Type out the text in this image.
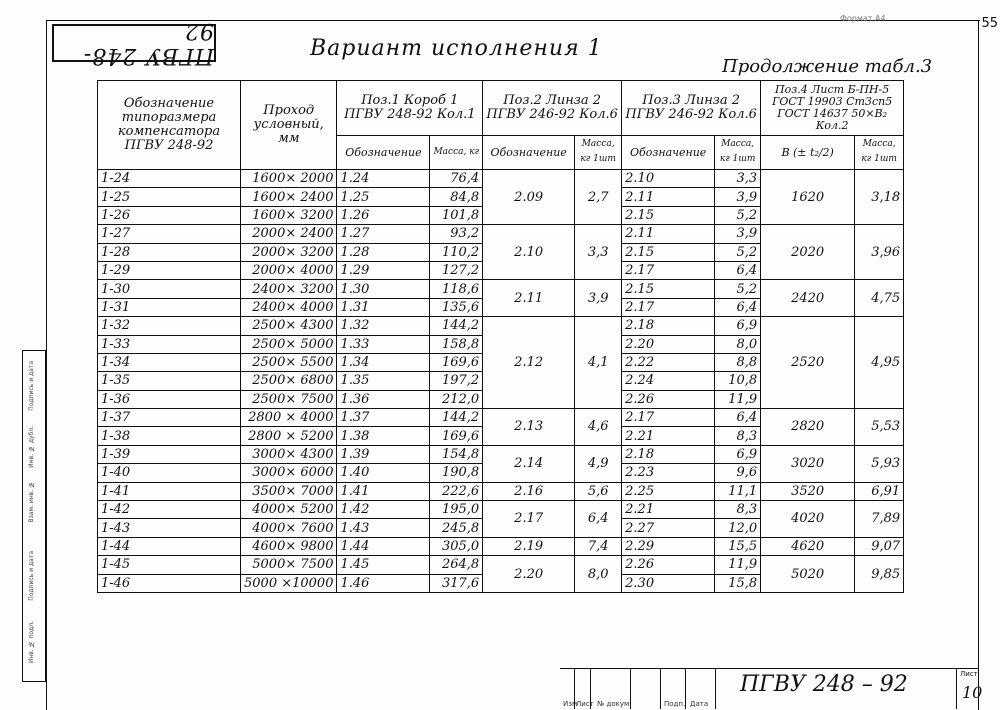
55
Формат А4
ПГВУ 248-92
Вариант исполнения 1
Продолжение табл.3
Инв. № подл.
Подпись и дата
Взам. инв. №
Инв. № дубл.
Подпись и дата
Обозначение типоразмера компенсатора ПГВУ 248-92	Проход условный, мм	Поз.1 Короб 1 ПГВУ 248-92 Кол.1		Поз.2 Линза 2 ПГВУ 246-92 Кол.6		Поз.3 Линза 2 ПГВУ 246-92 Кол.6		Поз.4 Лист Б-ПН-5 ГОСТ 19903 Ст3сп5 ГОСТ 14637 50×B₂ Кол.2	
		Обозначение	Масса, кг	Обозначение	Масса, кг 1шт	Обозначение	Масса, кг 1шт	B (± t₂/2)	Масса, кг 1шт
1-24	1600× 2000	1.24	76,4	2.09	2,7	2.10	3,3	1620	3,18
1-25	1600× 2400	1.25	84,8			2.11	3,9		
1-26	1600× 3200	1.26	101,8			2.15	5,2		
1-27	2000× 2400	1.27	93,2	2.10	3,3	2.11	3,9	2020	3,96
1-28	2000× 3200	1.28	110,2			2.15	5,2		
1-29	2000× 4000	1.29	127,2			2.17	6,4		
1-30	2400× 3200	1.30	118,6	2.11	3,9	2.15	5,2	2420	4,75
1-31	2400× 4000	1.31	135,6			2.17	6,4		
1-32	2500× 4300	1.32	144,2	2.12	4,1	2.18	6,9	2520	4,95
1-33	2500× 5000	1.33	158,8			2.20	8,0		
1-34	2500× 5500	1.34	169,6			2.22	8,8		
1-35	2500× 6800	1.35	197,2			2.24	10,8		
1-36	2500× 7500	1.36	212,0			2.26	11,9		
1-37	2800 × 4000	1.37	144,2	2.13	4,6	2.17	6,4	2820	5,53
1-38	2800 × 5200	1.38	169,6			2.21	8,3		
1-39	3000× 4300	1.39	154,8	2.14	4,9	2.18	6,9	3020	5,93
1-40	3000× 6000	1.40	190,8			2.23	9,6		
1-41	3500× 7000	1.41	222,6	2.16	5,6	2.25	11,1	3520	6,91
1-42	4000× 5200	1.42	195,0	2.17	6,4	2.21	8,3	4020	7,89
1-43	4000× 7600	1.43	245,8			2.27	12,0		
1-44	4600× 9800	1.44	305,0	2.19	7,4	2.29	15,5	4620	9,07
1-45	5000× 7500	1.45	264,8	2.20	8,0	2.26	11,9	5020	9,85
1-46	5000 ×10000	1.46	317,6			2.30	15,8		
Изм
Лист № докум.	Подп. Дата
ПГВУ 248 – 92	Лист
10
